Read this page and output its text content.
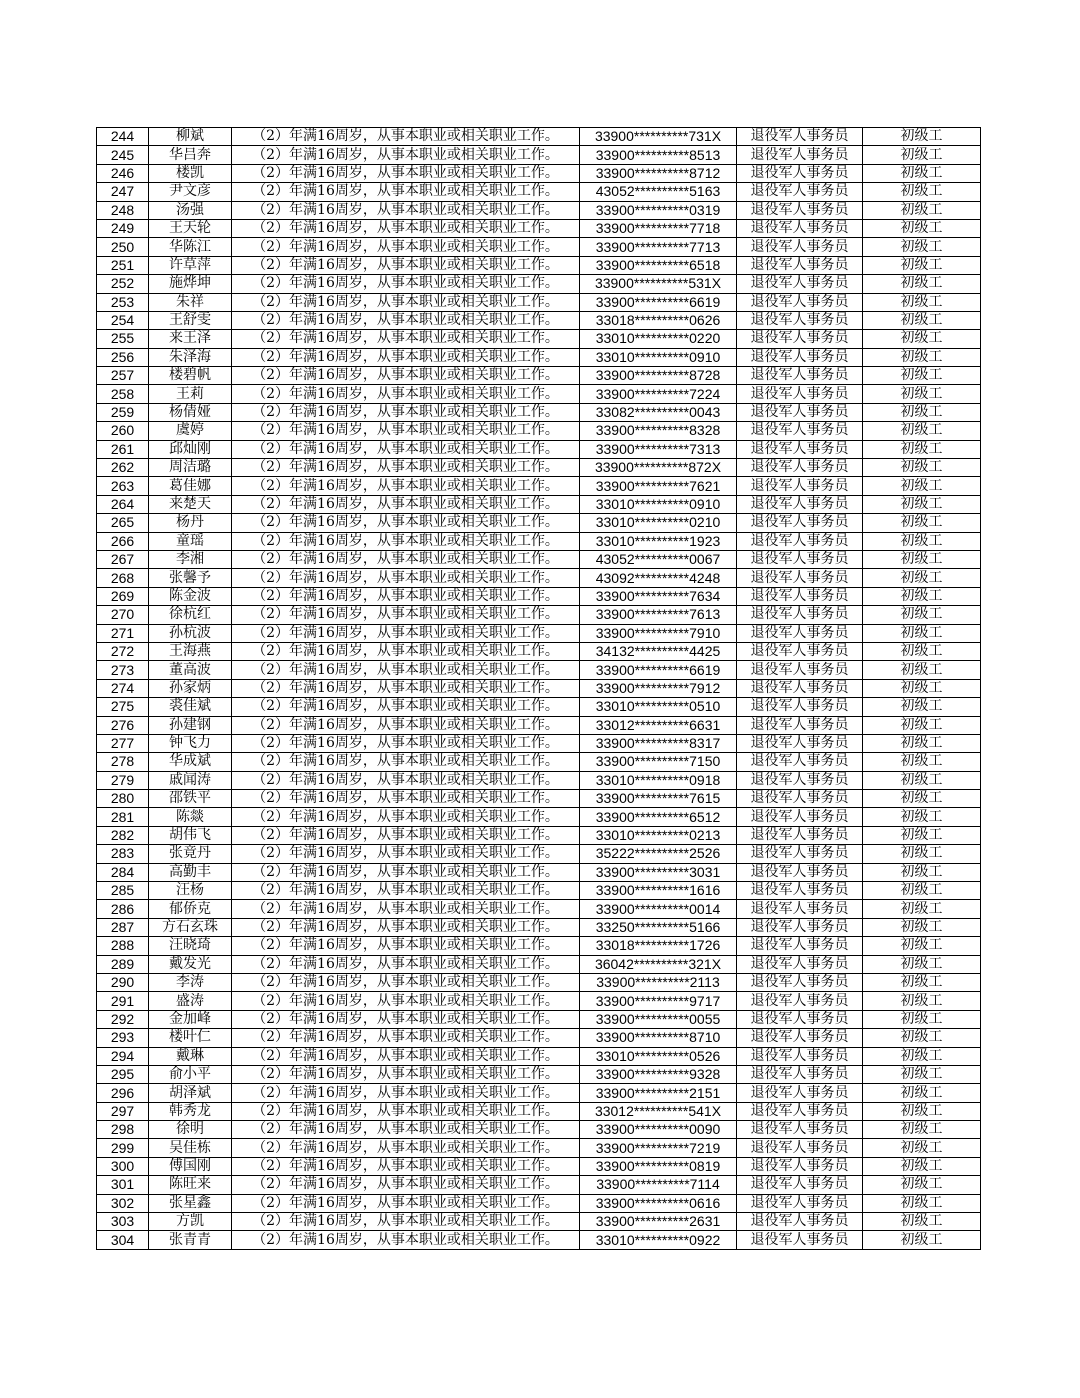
244	柳斌	（2）年满16周岁，从事本职业或相关职业工作。	33900**********731X	退役军人事务员	初级工
245	华吕奔	（2）年满16周岁，从事本职业或相关职业工作。	33900**********8513	退役军人事务员	初级工
246	楼凯	（2）年满16周岁，从事本职业或相关职业工作。	33900**********8712	退役军人事务员	初级工
247	尹文彦	（2）年满16周岁，从事本职业或相关职业工作。	43052**********5163	退役军人事务员	初级工
248	汤强	（2）年满16周岁，从事本职业或相关职业工作。	33900**********0319	退役军人事务员	初级工
249	王天轮	（2）年满16周岁，从事本职业或相关职业工作。	33900**********7718	退役军人事务员	初级工
250	华陈江	（2）年满16周岁，从事本职业或相关职业工作。	33900**********7713	退役军人事务员	初级工
251	许草萍	（2）年满16周岁，从事本职业或相关职业工作。	33900**********6518	退役军人事务员	初级工
252	施烨坤	（2）年满16周岁，从事本职业或相关职业工作。	33900**********531X	退役军人事务员	初级工
253	朱祥	（2）年满16周岁，从事本职业或相关职业工作。	33900**********6619	退役军人事务员	初级工
254	王舒雯	（2）年满16周岁，从事本职业或相关职业工作。	33018**********0626	退役军人事务员	初级工
255	来王泽	（2）年满16周岁，从事本职业或相关职业工作。	33010**********0220	退役军人事务员	初级工
256	朱泽海	（2）年满16周岁，从事本职业或相关职业工作。	33010**********0910	退役军人事务员	初级工
257	楼碧帆	（2）年满16周岁，从事本职业或相关职业工作。	33900**********8728	退役军人事务员	初级工
258	王莉	（2）年满16周岁，从事本职业或相关职业工作。	33900**********7224	退役军人事务员	初级工
259	杨倩娅	（2）年满16周岁，从事本职业或相关职业工作。	33082**********0043	退役军人事务员	初级工
260	虞婷	（2）年满16周岁，从事本职业或相关职业工作。	33900**********8328	退役军人事务员	初级工
261	邱灿刚	（2）年满16周岁，从事本职业或相关职业工作。	33900**********7313	退役军人事务员	初级工
262	周洁璐	（2）年满16周岁，从事本职业或相关职业工作。	33900**********872X	退役军人事务员	初级工
263	葛佳娜	（2）年满16周岁，从事本职业或相关职业工作。	33900**********7621	退役军人事务员	初级工
264	来楚天	（2）年满16周岁，从事本职业或相关职业工作。	33010**********0910	退役军人事务员	初级工
265	杨丹	（2）年满16周岁，从事本职业或相关职业工作。	33010**********0210	退役军人事务员	初级工
266	童瑶	（2）年满16周岁，从事本职业或相关职业工作。	33010**********1923	退役军人事务员	初级工
267	李湘	（2）年满16周岁，从事本职业或相关职业工作。	43052**********0067	退役军人事务员	初级工
268	张馨予	（2）年满16周岁，从事本职业或相关职业工作。	43092**********4248	退役军人事务员	初级工
269	陈金波	（2）年满16周岁，从事本职业或相关职业工作。	33900**********7634	退役军人事务员	初级工
270	徐杭红	（2）年满16周岁，从事本职业或相关职业工作。	33900**********7613	退役军人事务员	初级工
271	孙杭波	（2）年满16周岁，从事本职业或相关职业工作。	33900**********7910	退役军人事务员	初级工
272	王海燕	（2）年满16周岁，从事本职业或相关职业工作。	34132**********4425	退役军人事务员	初级工
273	董高波	（2）年满16周岁，从事本职业或相关职业工作。	33900**********6619	退役军人事务员	初级工
274	孙家炳	（2）年满16周岁，从事本职业或相关职业工作。	33900**********7912	退役军人事务员	初级工
275	裘佳斌	（2）年满16周岁，从事本职业或相关职业工作。	33010**********0510	退役军人事务员	初级工
276	孙建钢	（2）年满16周岁，从事本职业或相关职业工作。	33012**********6631	退役军人事务员	初级工
277	钟飞力	（2）年满16周岁，从事本职业或相关职业工作。	33900**********8317	退役军人事务员	初级工
278	华成斌	（2）年满16周岁，从事本职业或相关职业工作。	33900**********7150	退役军人事务员	初级工
279	戚闻涛	（2）年满16周岁，从事本职业或相关职业工作。	33010**********0918	退役军人事务员	初级工
280	邵铁平	（2）年满16周岁，从事本职业或相关职业工作。	33900**********7615	退役军人事务员	初级工
281	陈燚	（2）年满16周岁，从事本职业或相关职业工作。	33900**********6512	退役军人事务员	初级工
282	胡伟飞	（2）年满16周岁，从事本职业或相关职业工作。	33010**********0213	退役军人事务员	初级工
283	张竟丹	（2）年满16周岁，从事本职业或相关职业工作。	35222**********2526	退役军人事务员	初级工
284	高勤丰	（2）年满16周岁，从事本职业或相关职业工作。	33900**********3031	退役军人事务员	初级工
285	汪杨	（2）年满16周岁，从事本职业或相关职业工作。	33900**********1616	退役军人事务员	初级工
286	郁侨克	（2）年满16周岁，从事本职业或相关职业工作。	33900**********0014	退役军人事务员	初级工
287	方石玄珠	（2）年满16周岁，从事本职业或相关职业工作。	33250**********5166	退役军人事务员	初级工
288	汪晓琦	（2）年满16周岁，从事本职业或相关职业工作。	33018**********1726	退役军人事务员	初级工
289	戴发光	（2）年满16周岁，从事本职业或相关职业工作。	36042**********321X	退役军人事务员	初级工
290	李涛	（2）年满16周岁，从事本职业或相关职业工作。	33900**********2113	退役军人事务员	初级工
291	盛涛	（2）年满16周岁，从事本职业或相关职业工作。	33900**********9717	退役军人事务员	初级工
292	金加峰	（2）年满16周岁，从事本职业或相关职业工作。	33900**********0055	退役军人事务员	初级工
293	楼叶仁	（2）年满16周岁，从事本职业或相关职业工作。	33900**********8710	退役军人事务员	初级工
294	戴琳	（2）年满16周岁，从事本职业或相关职业工作。	33010**********0526	退役军人事务员	初级工
295	俞小平	（2）年满16周岁，从事本职业或相关职业工作。	33900**********9328	退役军人事务员	初级工
296	胡泽斌	（2）年满16周岁，从事本职业或相关职业工作。	33900**********2151	退役军人事务员	初级工
297	韩秀龙	（2）年满16周岁，从事本职业或相关职业工作。	33012**********541X	退役军人事务员	初级工
298	徐明	（2）年满16周岁，从事本职业或相关职业工作。	33900**********0090	退役军人事务员	初级工
299	吴佳栋	（2）年满16周岁，从事本职业或相关职业工作。	33900**********7219	退役军人事务员	初级工
300	傅国刚	（2）年满16周岁，从事本职业或相关职业工作。	33900**********0819	退役军人事务员	初级工
301	陈旺来	（2）年满16周岁，从事本职业或相关职业工作。	33900**********7114	退役军人事务员	初级工
302	张星鑫	（2）年满16周岁，从事本职业或相关职业工作。	33900**********0616	退役军人事务员	初级工
303	方凯	（2）年满16周岁，从事本职业或相关职业工作。	33900**********2631	退役军人事务员	初级工
304	张青青	（2）年满16周岁，从事本职业或相关职业工作。	33010**********0922	退役军人事务员	初级工
